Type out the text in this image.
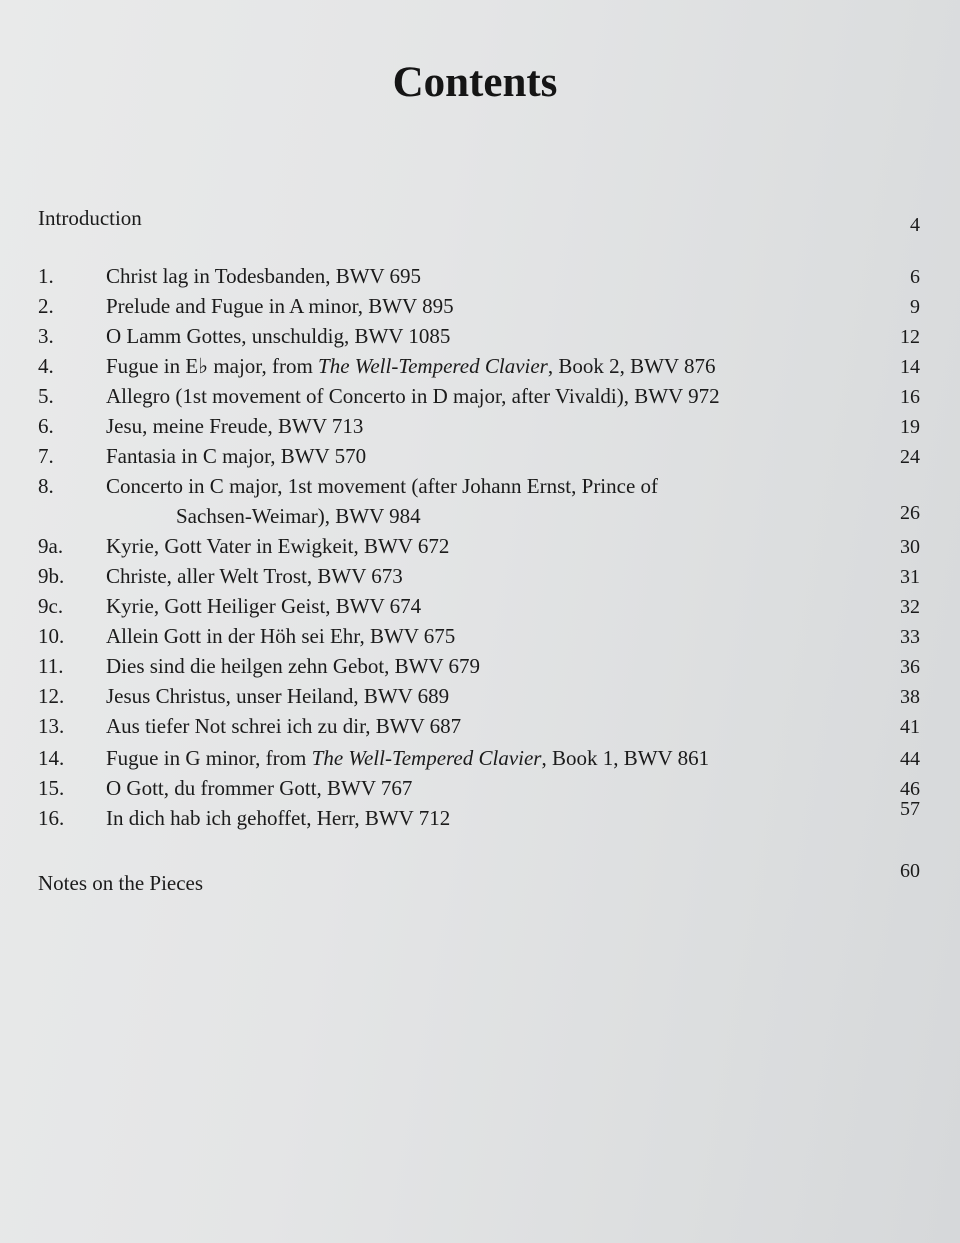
Contents
Introduction	4
1. Christ lag in Todesbanden, BWV 695	6
2. Prelude and Fugue in A minor, BWV 895	9
3. O Lamm Gottes, unschuldig, BWV 1085	12
4. Fugue in E♭ major, from The Well-Tempered Clavier, Book 2, BWV 876	14
5. Allegro (1st movement of Concerto in D major, after Vivaldi), BWV 972	16
6. Jesu, meine Freude, BWV 713	19
7. Fantasia in C major, BWV 570	24
8. Concerto in C major, 1st movement (after Johann Ernst, Prince of
Sachsen-Weimar), BWV 984	26
9a. Kyrie, Gott Vater in Ewigkeit, BWV 672	30
9b. Christe, aller Welt Trost, BWV 673	31
9c. Kyrie, Gott Heiliger Geist, BWV 674	32
10. Allein Gott in der Höh sei Ehr, BWV 675	33
11. Dies sind die heilgen zehn Gebot, BWV 679	36
12. Jesus Christus, unser Heiland, BWV 689	38
13. Aus tiefer Not schrei ich zu dir, BWV 687	41
14. Fugue in G minor, from The Well-Tempered Clavier, Book 1, BWV 861	44
15. O Gott, du frommer Gott, BWV 767	46
16. In dich hab ich gehoffet, Herr, BWV 712	57
Notes on the Pieces	60
